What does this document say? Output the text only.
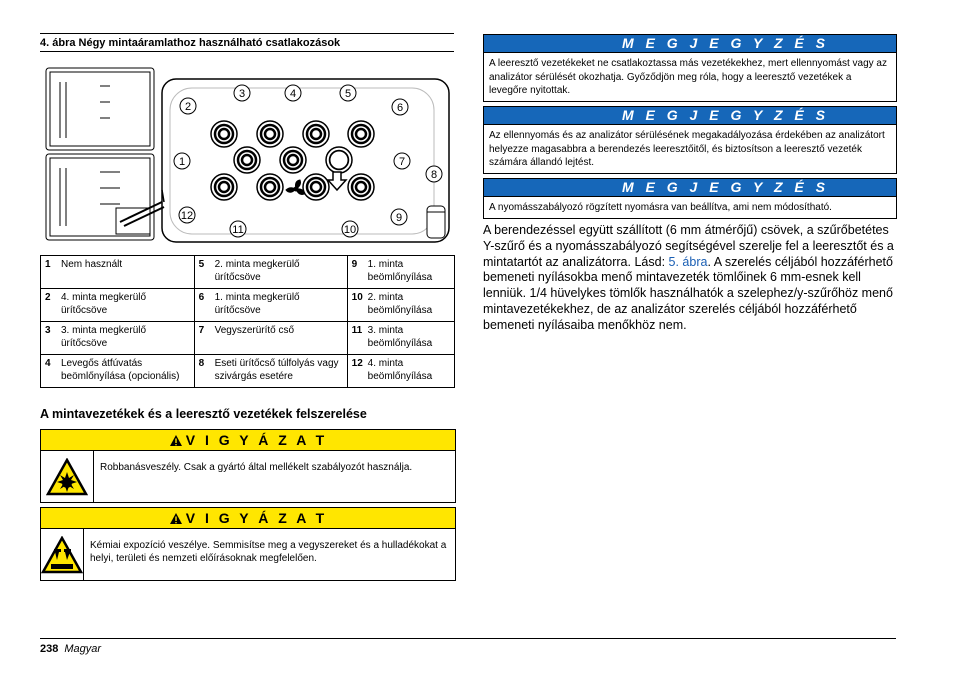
4. ábra Négy mintaáramlathoz használható csatlakozások
1
2
3	4	5
6
7
8
9
10
11
12
1	Nem használt	5	2. minta megkerülő ürítőcsöve	9	1. minta beömlőnyílása
2	4. minta megkerülő ürítőcsöve	6	1. minta megkerülő ürítőcsöve	10	2. minta beömlőnyílása
3	3. minta megkerülő ürítőcsöve	7	Vegyszerürítő cső	11	3. minta beömlőnyílása
4	Levegős átfúvatás beömlőnyílása (opcionális)	8	Eseti ürítőcső túlfolyás vagy szivárgás esetére	12	4. minta beömlőnyílása
A mintavezetékek és a leeresztő vezetékek felszerelése
V I G Y Á Z A T
Robbanásveszély. Csak a gyártó által mellékelt szabályozót használja.
V I G Y Á Z A T
Kémiai expozíció veszélye. Semmisítse meg a vegyszereket és a hulladékokat a helyi, területi és nemzeti előírásoknak megfelelően.
M E G J E G Y Z É S
A leeresztő vezetékeket ne csatlakoztassa más vezetékekhez, mert ellennyomást vagy az analizátor sérülését okozhatja. Győződjön meg róla, hogy a leeresztő vezetékek a levegőre nyitottak.
M E G J E G Y Z É S
Az ellennyomás és az analizátor sérülésének megakadályozása érdekében az analizátort helyezze magasabbra a berendezés leeresztőitől, és biztosítson a leeresztő vezeték számára állandó lejtést.
M E G J E G Y Z É S
A nyomásszabályozó rögzített nyomásra van beállítva, ami nem módosítható.
A berendezéssel együtt szállított (6 mm átmérőjű) csövek, a szűrőbetétes Y-szűrő és a nyomásszabályozó segítségével szerelje fel a leeresztőt és a mintatartót az analizátorra. Lásd: 5. ábra. A szerelés céljából hozzáférhető bemeneti nyílásokba menő mintavezeték tömlőinek 6 mm-esnek kell lenniük. 1/4 hüvelykes tömlők használhatók a szelephez/y-szűrőhöz menő mintavezetékekhez, de az analizátor szerelés céljából hozzáférhető bemeneti nyílásaiba menőkhöz nem.
238 Magyar
